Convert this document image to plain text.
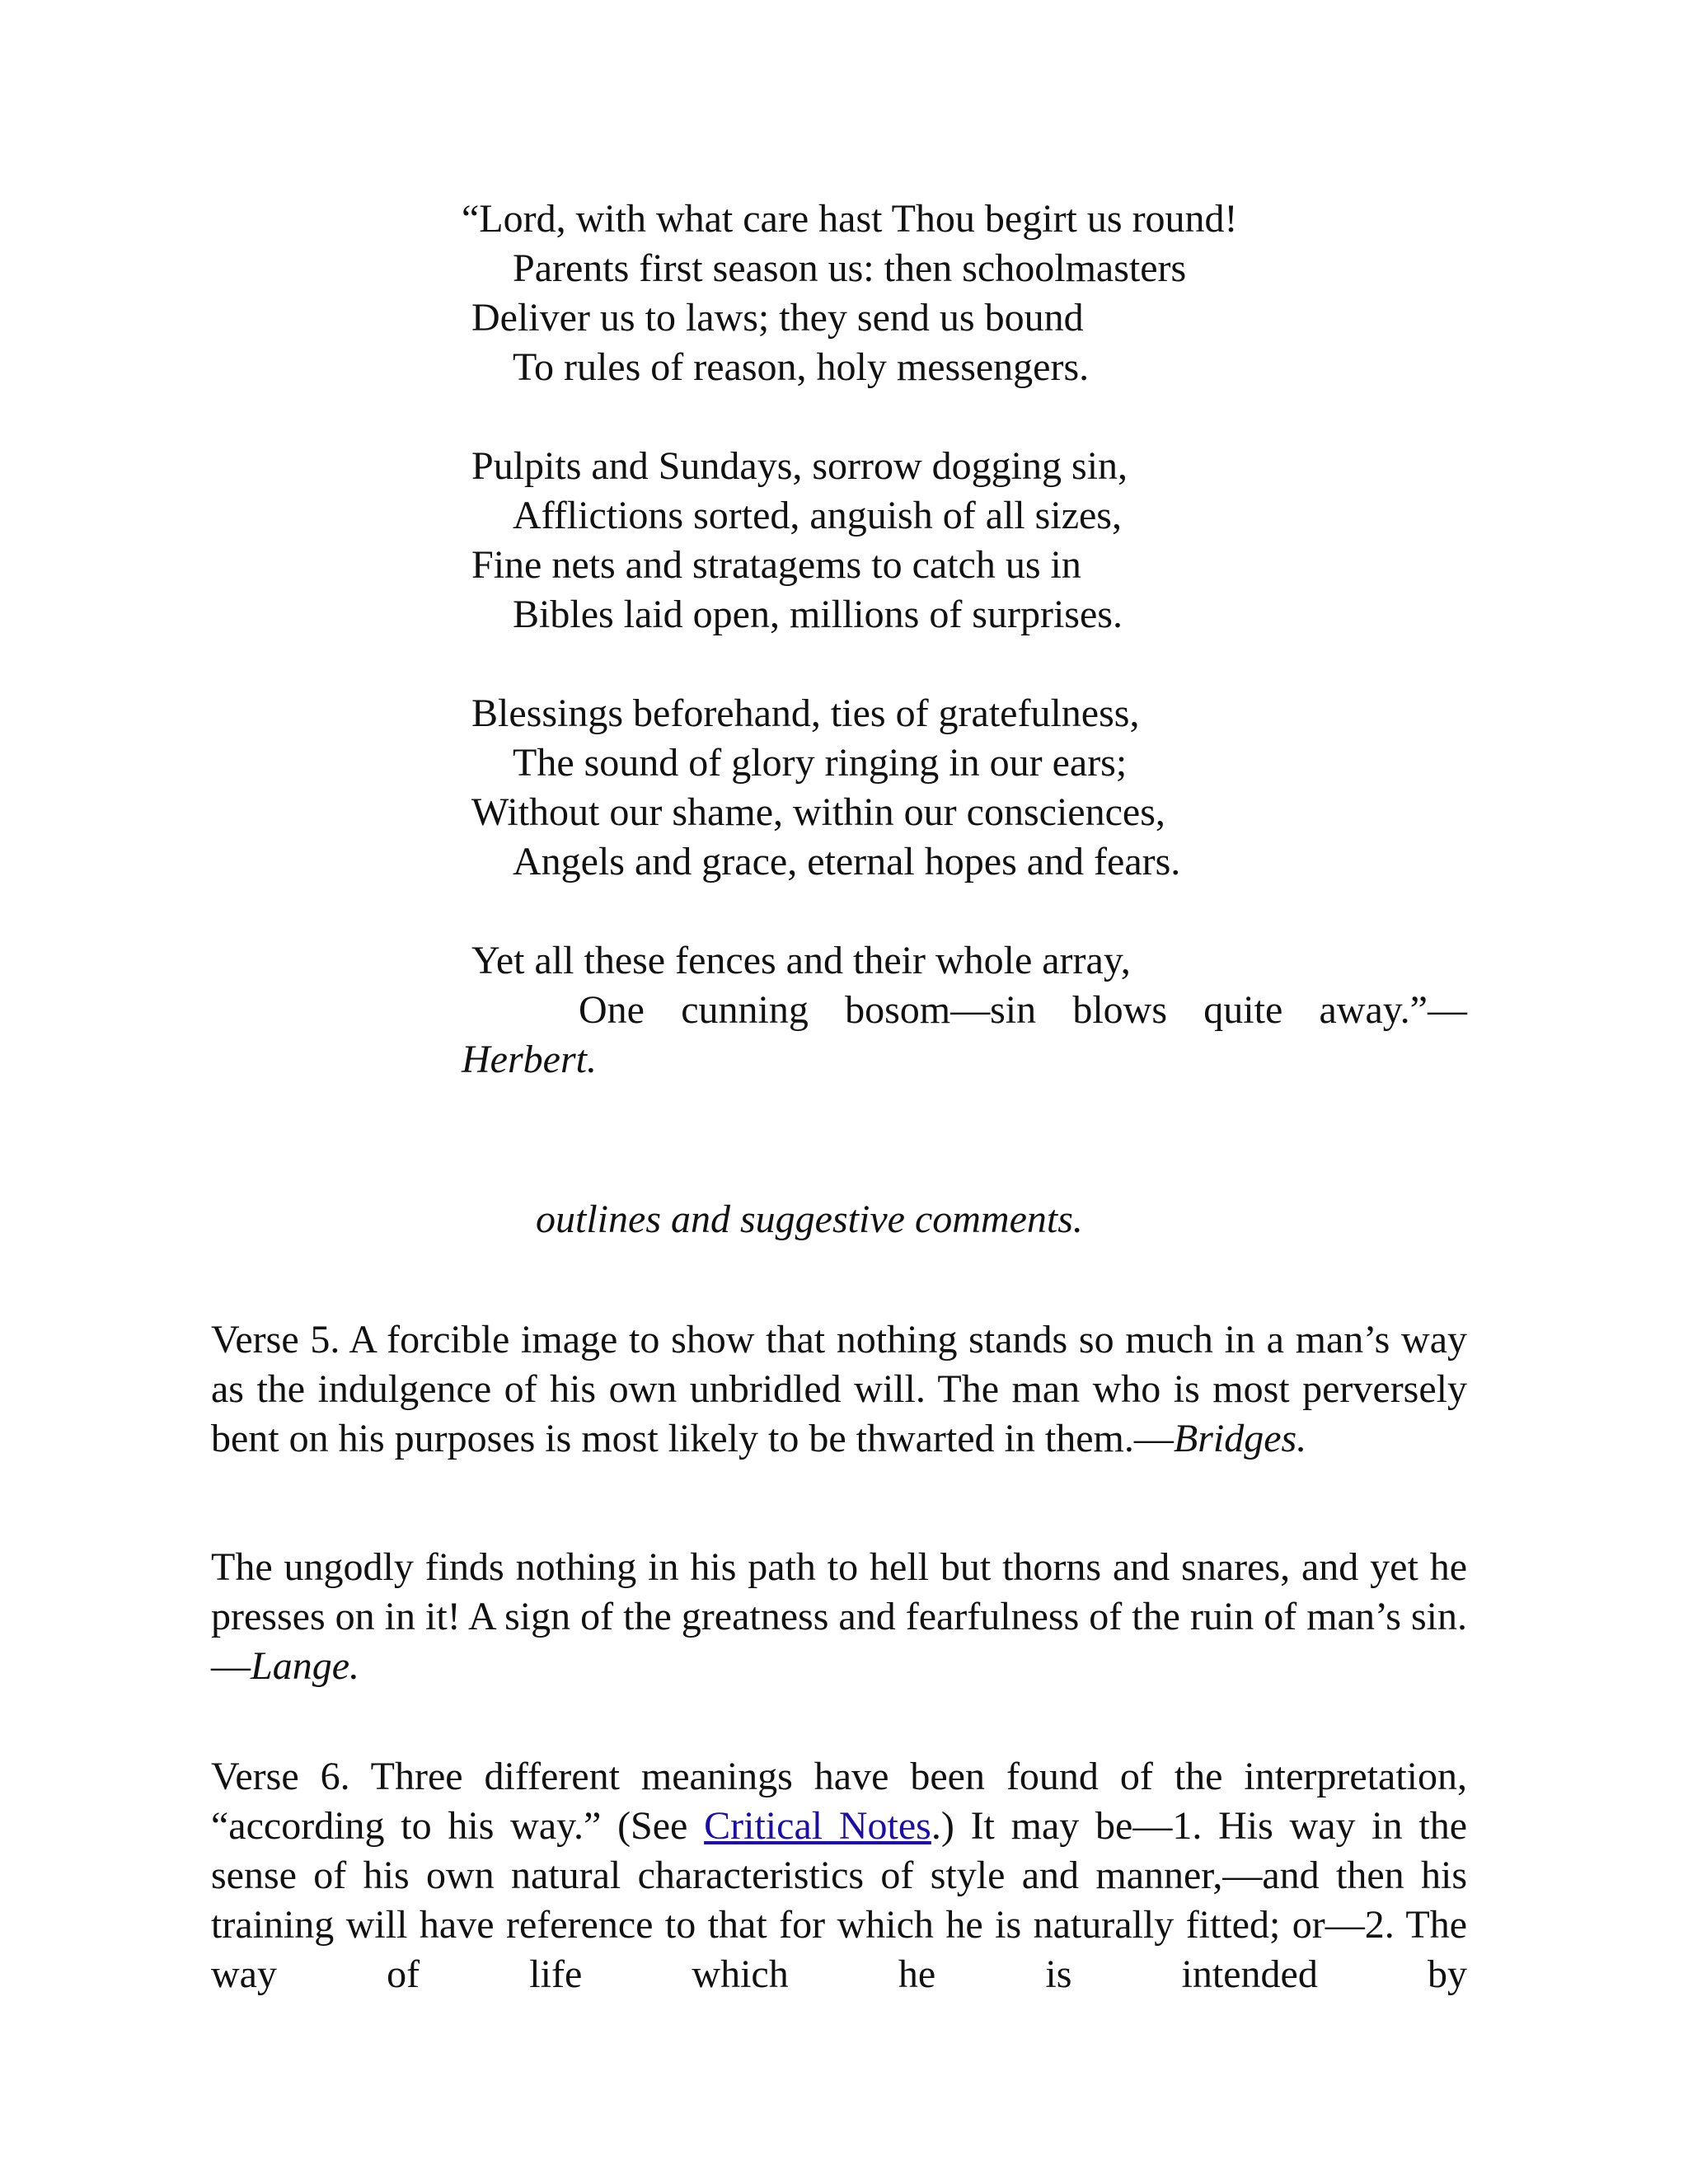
“Lord, with what care hast Thou begirt us round!
Parents first season us: then schoolmasters
Deliver us to laws; they send us bound
To rules of reason, holy messengers.
Pulpits and Sundays, sorrow dogging sin,
Afflictions sorted, anguish of all sizes,
Fine nets and stratagems to catch us in
Bibles laid open, millions of surprises.
Blessings beforehand, ties of gratefulness,
The sound of glory ringing in our ears;
Without our shame, within our consciences,
Angels and grace, eternal hopes and fears.
Yet all these fences and their whole array,
One cunning bosom—sin blows quite away.”—
Herbert.
outlines and suggestive comments.

Verse 5. A forcible image to show that nothing stands so much in a man’s way as the indulgence of his own unbridled will. The man who is most perversely bent on his purposes is most likely to be thwarted in them.—Bridges.

The ungodly finds nothing in his path to hell but thorns and snares, and yet he presses on in it! A sign of the greatness and fearfulness of the ruin of man’s sin.—Lange.

Verse 6. Three different meanings have been found of the interpretation, “according to his way.” (See Critical Notes.) It may be—1. His way in the sense of his own natural characteristics of style and manner,—and then his training will have reference to that for which he is naturally fitted; or—2. The way of life which he is intended by
